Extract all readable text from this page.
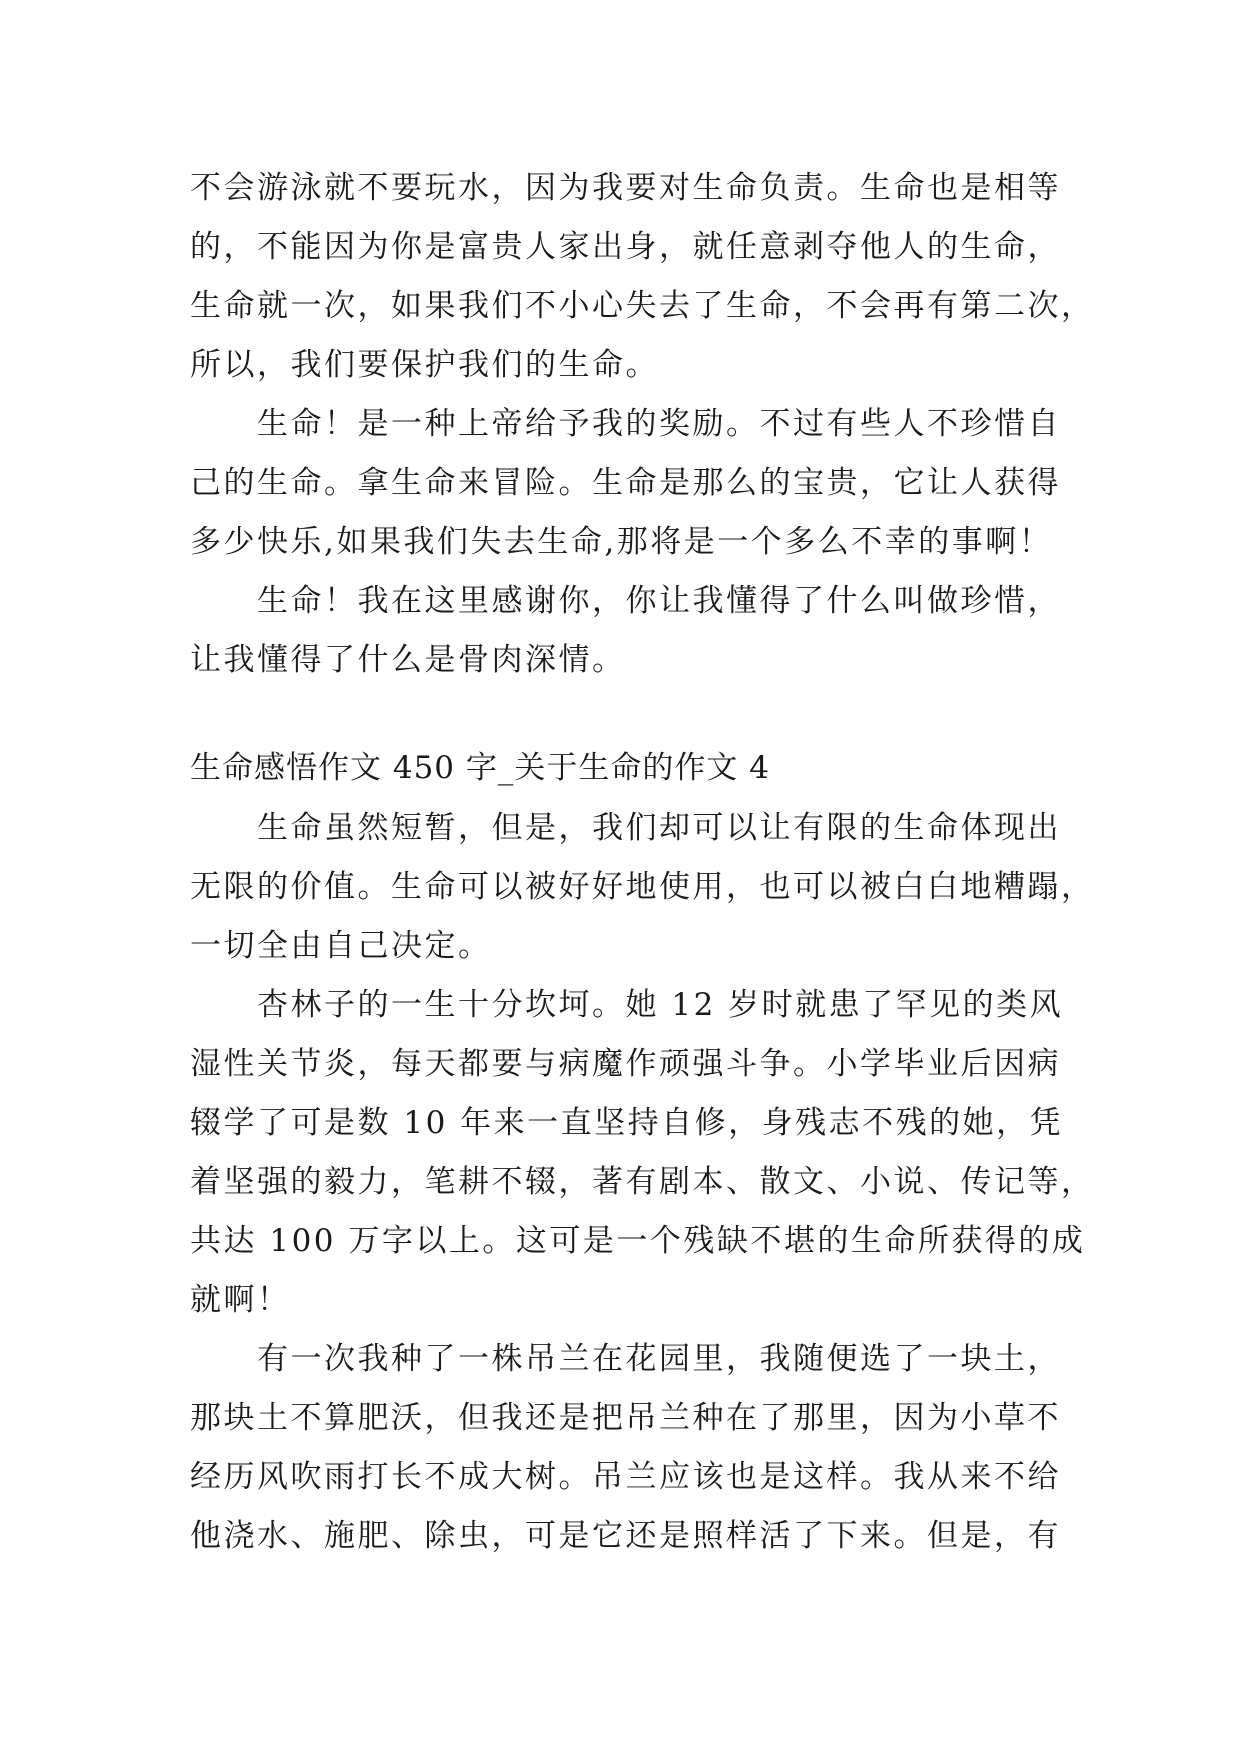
不会游泳就不要玩水，因为我要对生命负责。生命也是相等
的，不能因为你是富贵人家出身，就任意剥夺他人的生命，
生命就一次，如果我们不小心失去了生命，不会再有第二次，
所以，我们要保护我们的生命。
　　生命！是一种上帝给予我的奖励。不过有些人不珍惜自
己的生命。拿生命来冒险。生命是那么的宝贵，它让人获得
多少快乐,如果我们失去生命,那将是一个多么不幸的事啊！
　　生命！我在这里感谢你，你让我懂得了什么叫做珍惜，
让我懂得了什么是骨肉深情。
生命感悟作文 450 字_关于生命的作文 4
　　生命虽然短暂，但是，我们却可以让有限的生命体现出
无限的价值。生命可以被好好地使用，也可以被白白地糟蹋，
一切全由自己决定。
　　杏林子的一生十分坎坷。她 12 岁时就患了罕见的类风
湿性关节炎，每天都要与病魔作顽强斗争。小学毕业后因病
辍学了可是数 10 年来一直坚持自修，身残志不残的她，凭
着坚强的毅力，笔耕不辍，著有剧本、散文、小说、传记等，
共达 100 万字以上。这可是一个残缺不堪的生命所获得的成
就啊！
　　有一次我种了一株吊兰在花园里，我随便选了一块土，
那块土不算肥沃，但我还是把吊兰种在了那里，因为小草不
经历风吹雨打长不成大树。吊兰应该也是这样。我从来不给
他浇水、施肥、除虫，可是它还是照样活了下来。但是，有
